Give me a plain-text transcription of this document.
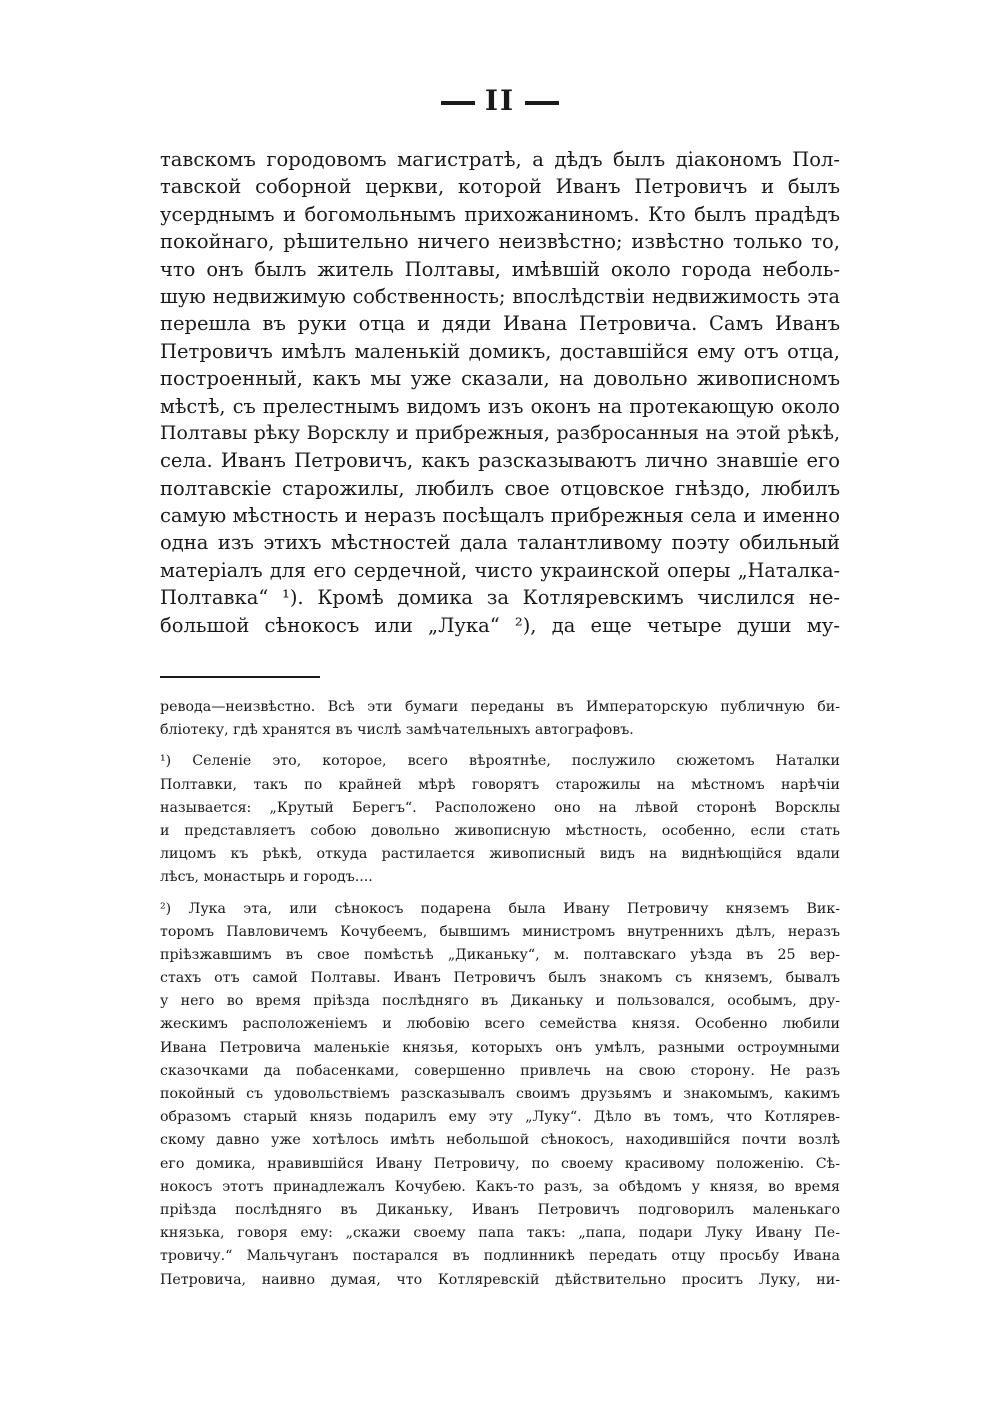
II
тавскомъ городовомъ магистратѣ, а дѣдъ былъ діакономъ Пол-
тавской соборной церкви, которой Иванъ Петровичъ и былъ
усерднымъ и богомольнымъ прихожаниномъ. Кто былъ прадѣдъ
покойнаго, рѣшительно ничего неизвѣстно; извѣстно только то,
что онъ былъ житель Полтавы, имѣвшій около города неболь-
шую недвижимую собственность; впослѣдствіи недвижимость эта
перешла въ руки отца и дяди Ивана Петровича. Самъ Иванъ
Петровичъ имѣлъ маленькій домикъ, доставшійся ему отъ отца,
построенный, какъ мы уже сказали, на довольно живописномъ
мѣстѣ, съ прелестнымъ видомъ изъ оконъ на протекающую около
Полтавы рѣку Ворсклу и прибрежныя, разбросанныя на этой рѣкѣ,
села. Иванъ Петровичъ, какъ разсказываютъ лично знавшіе его
полтавскіе старожилы, любилъ свое отцовское гнѣздо, любилъ
самую мѣстность и неразъ посѣщалъ прибрежныя села и именно
одна изъ этихъ мѣстностей дала талантливому поэту обильный
матеріалъ для его сердечной, чисто украинской оперы „Наталка-
Полтавка“ ¹). Кромѣ домика за Котляревскимъ числился не-
большой сѣнокосъ или „Лука“ ²), да еще четыре души му-
ревода—неизвѣстно. Всѣ эти бумаги переданы въ Императорскую публичную би-
бліотеку, гдѣ хранятся въ числѣ замѣчательныхъ автографовъ.
¹) Селеніе это, которое, всего вѣроятнѣе, послужило сюжетомъ Наталки
Полтавки, такъ по крайней мѣрѣ говорятъ старожилы на мѣстномъ нарѣчіи
называется: „Крутый Берегъ“. Расположено оно на лѣвой сторонѣ Ворсклы
и представляетъ собою довольно живописную мѣстность, особенно, если стать
лицомъ къ рѣкѣ, откуда растилается живописный видъ на виднѣющійся вдали
лѣсъ, монастырь и городъ....
²) Лука эта, или сѣнокосъ подарена была Ивану Петровичу княземъ Вик-
торомъ Павловичемъ Кочубеемъ, бывшимъ министромъ внутреннихъ дѣлъ, неразъ
пріѣзжавшимъ въ свое помѣстьѣ „Диканьку“, м. полтавскаго уѣзда въ 25 вер-
стахъ отъ самой Полтавы. Иванъ Петровичъ былъ знакомъ съ княземъ, бывалъ
у него во время пріѣзда послѣдняго въ Диканьку и пользовался, особымъ, дру-
жескимъ расположеніемъ и любовію всего семейства князя. Особенно любили
Ивана Петровича маленькіе князья, которыхъ онъ умѣлъ, разными остроумными
сказочками да побасенками, совершенно привлечь на свою сторону. Не разъ
покойный съ удовольствіемъ разсказывалъ своимъ друзьямъ и знакомымъ, какимъ
образомъ старый князь подарилъ ему эту „Луку“. Дѣло въ томъ, что Котлярев-
скому давно уже хотѣлось имѣть небольшой сѣнокосъ, находившійся почти возлѣ
его домика, нравившійся Ивану Петровичу, по своему красивому положенію. Сѣ-
нокосъ этотъ принадлежалъ Кочубею. Какъ-то разъ, за обѣдомъ у князя, во время
пріѣзда послѣдняго въ Диканьку, Иванъ Петровичъ подговорилъ маленькаго
князька, говоря ему: „скажи своему папа такъ: „папа, подари Луку Ивану Пе-
тровичу.“ Мальчуганъ постарался въ подлинникѣ передать отцу просьбу Ивана
Петровича, наивно думая, что Котляревскій дѣйствительно проситъ Луку, ни-
